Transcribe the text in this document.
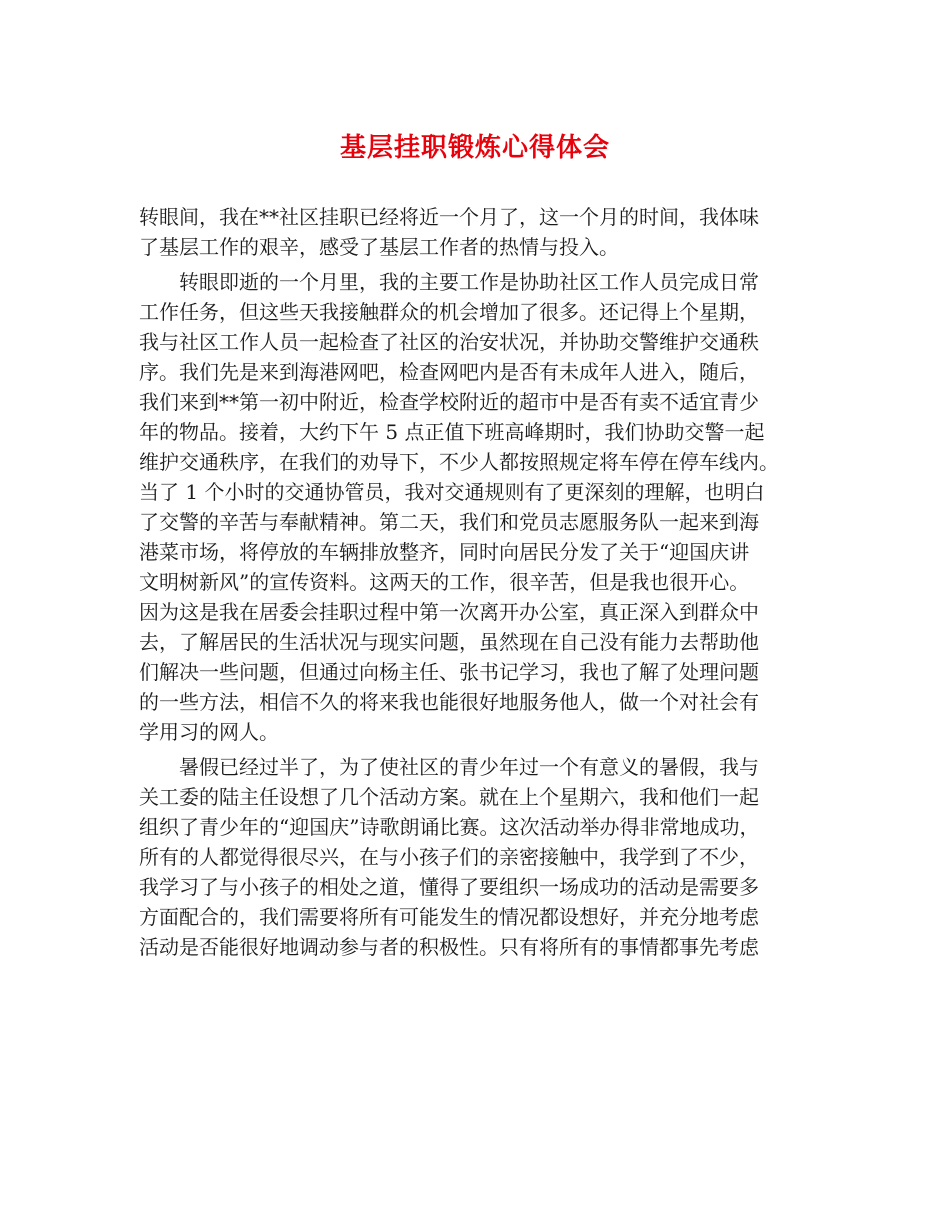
基层挂职锻炼心得体会
转眼间，我在**社区挂职已经将近一个月了，这一个月的时间，我体味
了基层工作的艰辛，感受了基层工作者的热情与投入。
　　转眼即逝的一个月里，我的主要工作是协助社区工作人员完成日常
工作任务，但这些天我接触群众的机会增加了很多。还记得上个星期，
我与社区工作人员一起检查了社区的治安状况，并协助交警维护交通秩
序。我们先是来到海港网吧，检查网吧内是否有未成年人进入，随后，
我们来到**第一初中附近，检查学校附近的超市中是否有卖不适宜青少
年的物品。接着，大约下午 5 点正值下班高峰期时，我们协助交警一起
维护交通秩序，在我们的劝导下，不少人都按照规定将车停在停车线内。
当了 1 个小时的交通协管员，我对交通规则有了更深刻的理解，也明白
了交警的辛苦与奉献精神。第二天，我们和党员志愿服务队一起来到海
港菜市场，将停放的车辆排放整齐，同时向居民分发了关于“迎国庆讲
文明树新风”的宣传资料。这两天的工作，很辛苦，但是我也很开心。
因为这是我在居委会挂职过程中第一次离开办公室，真正深入到群众中
去，了解居民的生活状况与现实问题，虽然现在自己没有能力去帮助他
们解决一些问题，但通过向杨主任、张书记学习，我也了解了处理问题
的一些方法，相信不久的将来我也能很好地服务他人，做一个对社会有
学用习的网人。
　　暑假已经过半了，为了使社区的青少年过一个有意义的暑假，我与
关工委的陆主任设想了几个活动方案。就在上个星期六，我和他们一起
组织了青少年的“迎国庆”诗歌朗诵比赛。这次活动举办得非常地成功，
所有的人都觉得很尽兴，在与小孩子们的亲密接触中，我学到了不少，
我学习了与小孩子的相处之道，懂得了要组织一场成功的活动是需要多
方面配合的，我们需要将所有可能发生的情况都设想好，并充分地考虑
活动是否能很好地调动参与者的积极性。只有将所有的事情都事先考虑
